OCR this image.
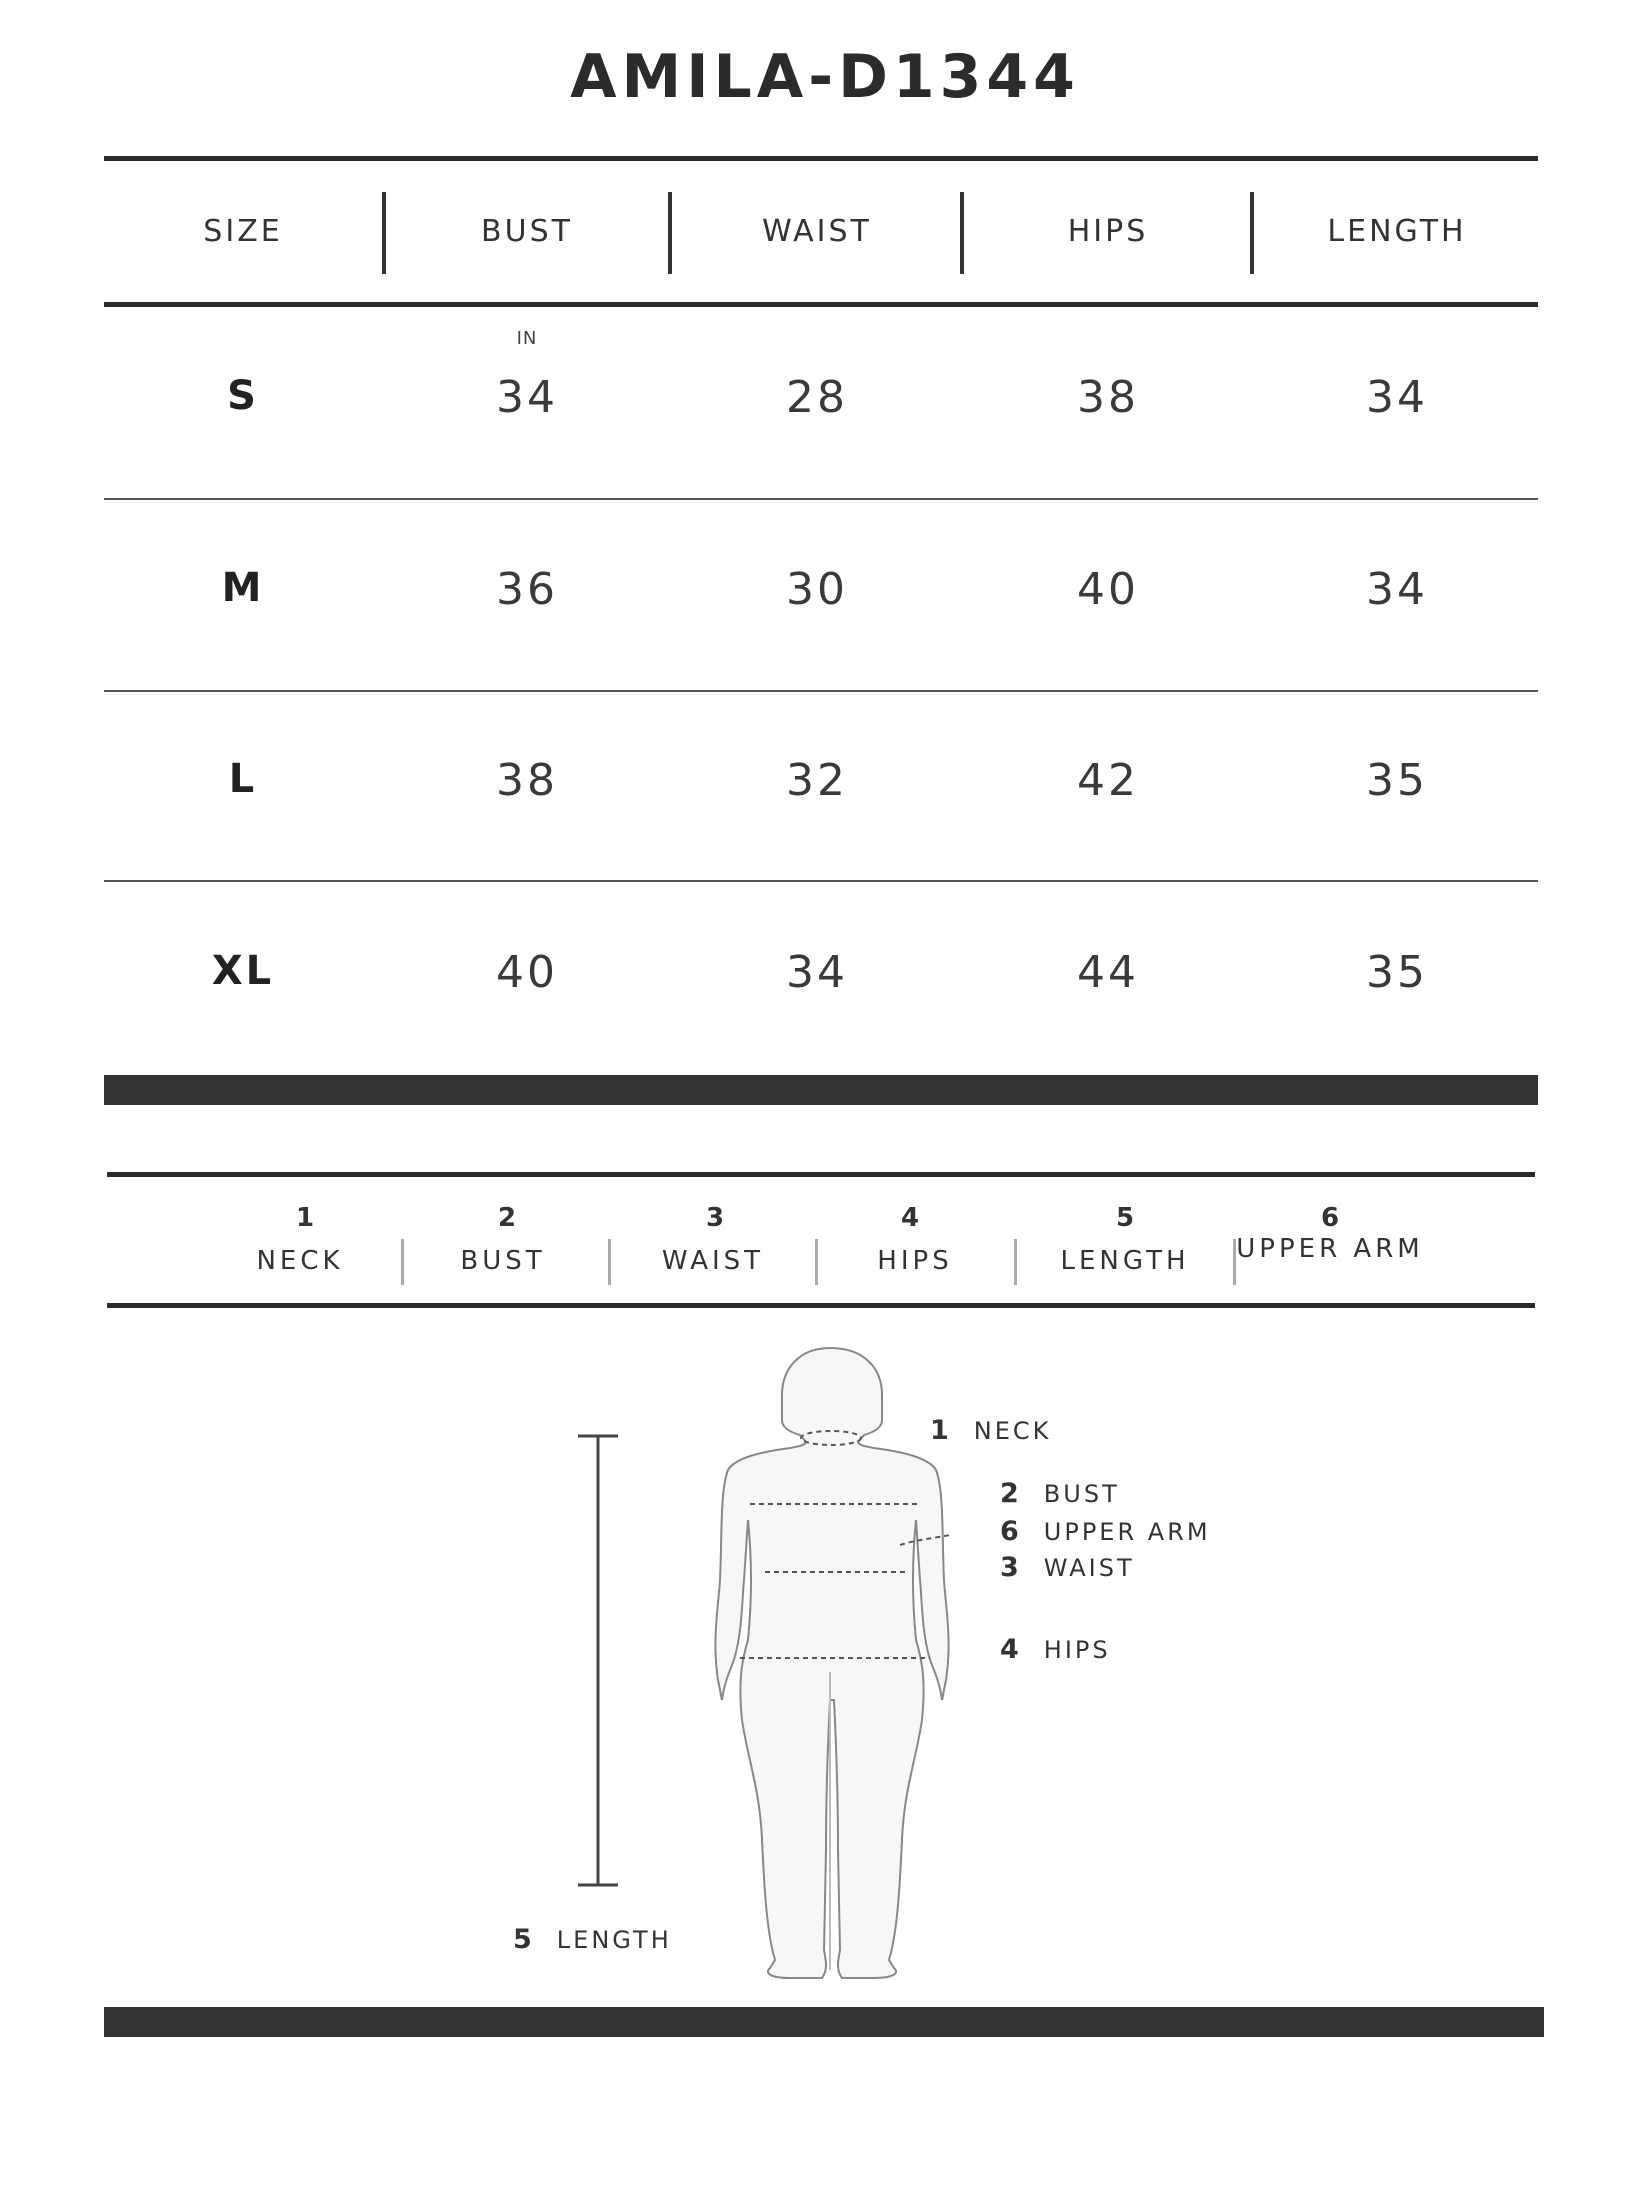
AMILA-D1344
SIZE	BUST	WAIST	HIPS	LENGTH
IN
S	34	28	38	34
M	36	30	40	34
L	38	32	42	35
XL	40	34	44	35
1
NECK
2
BUST
3
WAIST
4
HIPS
5
LENGTH
6
UPPER ARM
1 NECK
2 BUST
6 UPPER ARM
3 WAIST
4 HIPS
5 LENGTH
